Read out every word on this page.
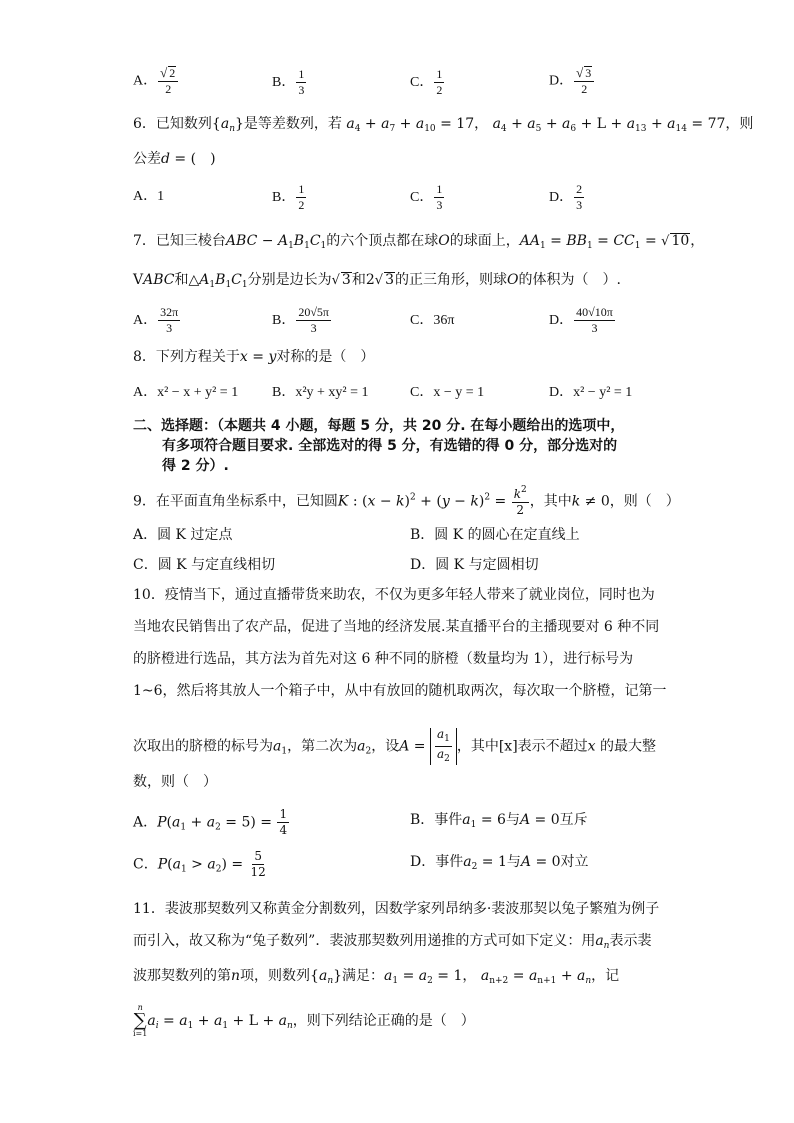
A． $\frac{√ 2}{2}$	B． $\frac{1}{3}$	C． $\frac{1}{2}$	D． $\frac{√ 3}{2}$
6．已知数列$\{a_n\}$是等差数列，若 $a_4 + a_7 + a_{10} = 17$， $a_4 + a_5 + a_6 + L + a_{13} + a_{14} = 77$，则
公差d = (　)
A．1	B． $\frac{1}{2}$	C． $\frac{1}{3}$	D． $\frac{2}{3}$
7．已知三棱台ABC − $A_1B_1C_1$的六个顶点都在球O的球面上，$AA_1 = BB_1 = CC_1$ = √ 10，
VABC和$\triangle A_1B_1C_1$分别是边长为√ 3和2√ 3的正三角形，则球O的体积为（　）.
A． $\frac{32\pi}{3}$	B． $\frac{20√5\pi}{3}$	C．36π	D． $\frac{40√10\pi}{3}$
8．下列方程关于x = y对称的是（　）
A．x² − x + y² = 1 B．x²y + xy² = 1	C．x − y = 1	D．x² − y² = 1
二、选择题：（本题共 4 小题，每题 5 分，共 20 分. 在每小题给出的选项中，
有多项符合题目要求. 全部选对的得 5 分，有选错的得 0 分，部分选对的
得 2 分）.
9．在平面直角坐标系中，已知圆K : $(x - k)^2 + (y - k)^2 = \frac{k^2}{2}$ ，其中k ≠ 0，则（　）
A．圆 K 过定点	B．圆 K 的圆心在定直线上
C．圆 K 与定直线相切	D．圆 K 与定圆相切
10．疫情当下，通过直播带货来助农，不仅为更多年轻人带来了就业岗位，同时也为
当地农民销售出了农产品，促进了当地的经济发展.某直播平台的主播现要对 6 种不同
的脐橙进行选品，其方法为首先对这 6 种不同的脐橙（数量均为 1），进行标号为
1~6，然后将其放人一个箱子中，从中有放回的随机取两次，每次取一个脐橙，记第一
次取出的脐橙的标号为$a_1$，第二次为$a_2$，设$A = \frac{a_1}{a_2}$ ，其中[x]表示不超过x 的最大整
数，则（　）
A．$P(a_1 + a_2 = 5) = \frac{1}{4}$	B．事件$a_1 = 6$与A = 0互斥
C．$P(a_1 > a_2) = \frac{5}{12}$	D．事件$a_2 = 1$与A = 0对立
11．裴波那契数列又称黄金分割数列，因数学家列昂纳多·裴波那契以兔子繁殖为例子
而引入，故又称为“兔子数列”．裴波那契数列用递推的方式可如下定义：用$a_n$表示裴
波那契数列的第n项，则数列$\{a_n\}$满足：$a_1 = a_2 = 1$， $a_{n+2} = a_{n+1} + a_n$，记
n
∑
i=1
$a_i = a_1 + a_1 + L + a_n$，则下列结论正确的是（　）
